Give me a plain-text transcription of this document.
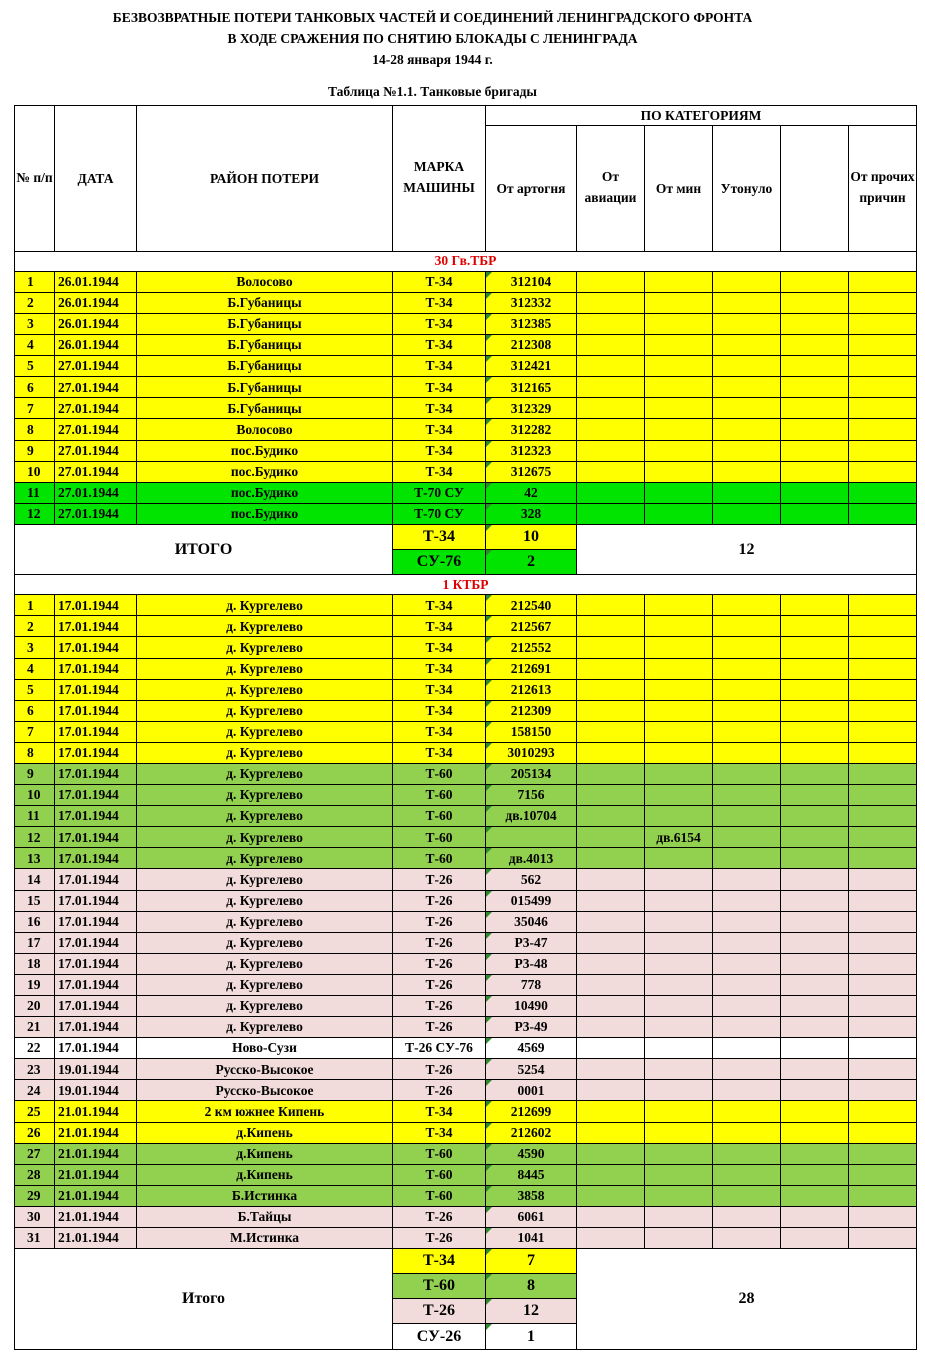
БЕЗВОЗВРАТНЫЕ ПОТЕРИ ТАНКОВЫХ ЧАСТЕЙ И СОЕДИНЕНИЙ ЛЕНИНГРАДСКОГО ФРОНТА
В ХОДЕ СРАЖЕНИЯ ПО СНЯТИЮ БЛОКАДЫ С ЛЕНИНГРАДА
14-28 января 1944 г.
Таблица №1.1. Танковые бригады
№ п/п	ДАТА	РАЙОН ПОТЕРИ	МАРКА МАШИНЫ	ПО КАТЕГОРИЯМ					
				От артогня	От авиации	От мин	Утонуло		От прочих причин
30 Гв.ТБР									
1	26.01.1944	Волосово	Т-34	312104					
2	26.01.1944	Б.Губаницы	Т-34	312332					
3	26.01.1944	Б.Губаницы	Т-34	312385					
4	26.01.1944	Б.Губаницы	Т-34	212308					
5	27.01.1944	Б.Губаницы	Т-34	312421					
6	27.01.1944	Б.Губаницы	Т-34	312165					
7	27.01.1944	Б.Губаницы	Т-34	312329					
8	27.01.1944	Волосово	Т-34	312282					
9	27.01.1944	пос.Будико	Т-34	312323					
10	27.01.1944	пос.Будико	Т-34	312675					
11	27.01.1944	пос.Будико	Т-70 СУ	42					
12	27.01.1944	пос.Будико	Т-70 СУ	328					
ИТОГО			Т-34	10	12				
			СУ-76	2					
1 КТБР									
1	17.01.1944	д. Кургелево	Т-34	212540					
2	17.01.1944	д. Кургелево	Т-34	212567					
3	17.01.1944	д. Кургелево	Т-34	212552					
4	17.01.1944	д. Кургелево	Т-34	212691					
5	17.01.1944	д. Кургелево	Т-34	212613					
6	17.01.1944	д. Кургелево	Т-34	212309					
7	17.01.1944	д. Кургелево	Т-34	158150					
8	17.01.1944	д. Кургелево	Т-34	3010293					
9	17.01.1944	д. Кургелево	Т-60	205134					
10	17.01.1944	д. Кургелево	Т-60	7156					
11	17.01.1944	д. Кургелево	Т-60	дв.10704					
12	17.01.1944	д. Кургелево	Т-60			дв.6154			
13	17.01.1944	д. Кургелево	Т-60	дв.4013					
14	17.01.1944	д. Кургелево	Т-26	562					
15	17.01.1944	д. Кургелево	Т-26	015499					
16	17.01.1944	д. Кургелево	Т-26	35046					
17	17.01.1944	д. Кургелево	Т-26	Р3-47					
18	17.01.1944	д. Кургелево	Т-26	Р3-48					
19	17.01.1944	д. Кургелево	Т-26	778					
20	17.01.1944	д. Кургелево	Т-26	10490					
21	17.01.1944	д. Кургелево	Т-26	Р3-49					
22	17.01.1944	Ново-Сузи	Т-26 СУ-76	4569					
23	19.01.1944	Русско-Высокое	Т-26	5254					
24	19.01.1944	Русско-Высокое	Т-26	0001					
25	21.01.1944	2 км южнее Кипень	Т-34	212699					
26	21.01.1944	д.Кипень	Т-34	212602					
27	21.01.1944	д.Кипень	Т-60	4590					
28	21.01.1944	д.Кипень	Т-60	8445					
29	21.01.1944	Б.Истинка	Т-60	3858					
30	21.01.1944	Б.Тайцы	Т-26	6061					
31	21.01.1944	М.Истинка	Т-26	1041					
Итого			Т-34	7	28				
			Т-60	8					
			Т-26	12					
			СУ-26	1					
